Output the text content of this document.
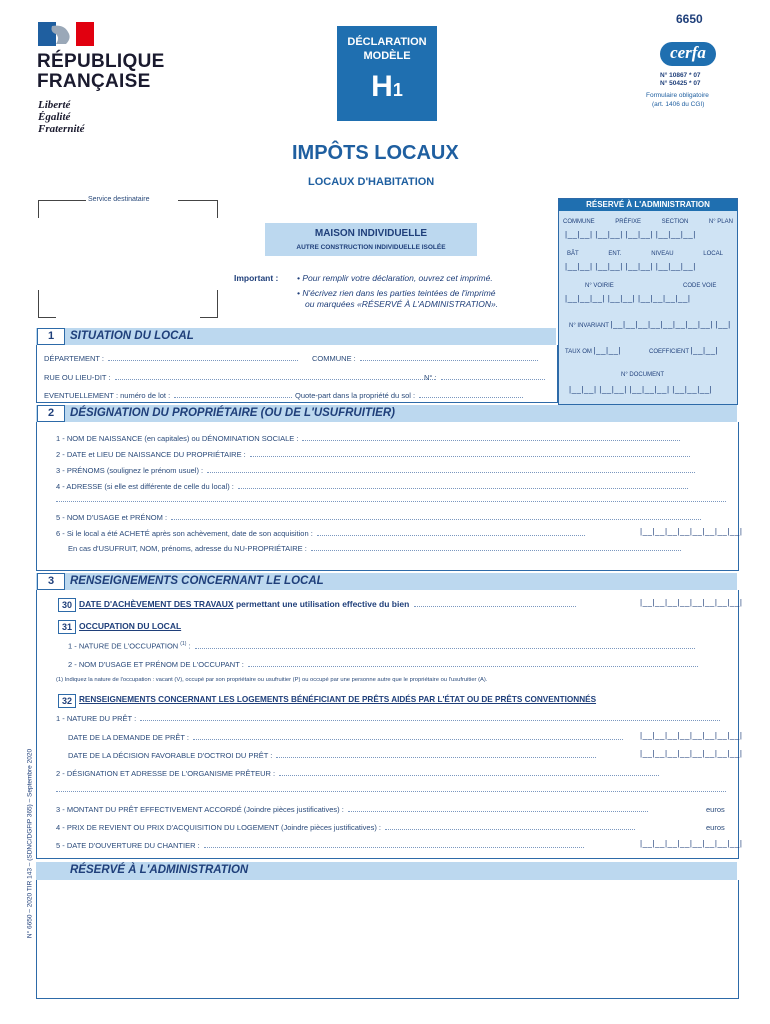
RÉPUBLIQUE
FRANÇAISE
Liberté
Égalité
Fraternité
DÉCLARATION
MODÈLE
H1
6650
cerfa
N° 10867 * 07
N° 50425 * 07
Formulaire obligatoire
(art. 1406 du CGI)
IMPÔTS LOCAUX
LOCAUX D'HABITATION
Service destinataire
MAISON INDIVIDUELLE
AUTRE CONSTRUCTION INDIVIDUELLE ISOLÉE
Important : • Pour remplir votre déclaration, ouvrez cet imprimé.
• N'écrivez rien dans les parties teintées de l'imprimé
ou marquées «RÉSERVÉ À L'ADMINISTRATION».
RÉSERVÉ À L'ADMINISTRATION
COMMUNE	PRÉFIXE	SECTION	N° PLAN
|__|__| |__|__| |__|__| |__|__|__|
BÂT	ENT.	NIVEAU	LOCAL
|__|__| |__|__| |__|__| |__|__|__|
N° VOIRIE	CODE VOIE
|__|__|__| |__|__| |__|__|__|__|
N° INVARIANT |__|__|__|__|__|__|__|__| |__|
TAUX OM |__|__|	COEFFICIENT |__|__|
N° DOCUMENT
|__|__| |__|__| |__|__|__| |__|__|__|
1	SITUATION DU LOCAL
DÉPARTEMENT :	COMMUNE :
RUE OU LIEU-DIT :	N° :
EVENTUELLEMENT : numéro de lot :	Quote-part dans la propriété du sol :
2	DÉSIGNATION DU PROPRIÉTAIRE (OU DE L'USUFRUITIER)
1 - NOM DE NAISSANCE (en capitales) ou DÉNOMINATION SOCIALE :
2 - DATE et LIEU DE NAISSANCE DU PROPRIÉTAIRE :
3 - PRÉNOMS (soulignez le prénom usuel) :
4 - ADRESSE (si elle est différente de celle du local) :
5 - NOM D'USAGE et PRÉNOM :
6 - Si le local a été ACHETÉ après son achèvement, date de son acquisition :	|__|__|__|__|__|__|__|__|
En cas d'USUFRUIT, NOM, prénoms, adresse du NU-PROPRIÉTAIRE :
3	RENSEIGNEMENTS CONCERNANT LE LOCAL
30 DATE D'ACHÈVEMENT DES TRAVAUX permettant une utilisation effective du bien	|__|__|__|__|__|__|__|__|
31 OCCUPATION DU LOCAL
1 - NATURE DE L'OCCUPATION $^{(1)}$ :
2 - NOM D'USAGE ET PRÉNOM DE L'OCCUPANT :
(1) Indiquez la nature de l'occupation : vacant (V), occupé par son propriétaire ou usufruitier (P) ou occupé par une personne autre que le propriétaire ou l'usufruitier (A).
32 RENSEIGNEMENTS CONCERNANT LES LOGEMENTS BÉNÉFICIANT DE PRÊTS AIDÉS PAR L'ÉTAT OU DE PRÊTS CONVENTIONNÉS
1 - NATURE DU PRÊT :
DATE DE LA DEMANDE DE PRÊT :	|__|__|__|__|__|__|__|__|
DATE DE LA DÉCISION FAVORABLE D'OCTROI DU PRÊT :	|__|__|__|__|__|__|__|__|
2 - DÉSIGNATION ET ADRESSE DE L'ORGANISME PRÊTEUR :
3 - MONTANT DU PRÊT EFFECTIVEMENT ACCORDÉ (Joindre pièces justificatives) :	euros
4 - PRIX DE REVIENT OU PRIX D'ACQUISITION DU LOGEMENT (Joindre pièces justificatives) :	euros
5 - DATE D'OUVERTURE DU CHANTIER :	|__|__|__|__|__|__|__|__|
RÉSERVÉ À L'ADMINISTRATION
N° 6650 – 2020 TIR 143 – (SDNC/DGFiP 365) – Septembre 2020
